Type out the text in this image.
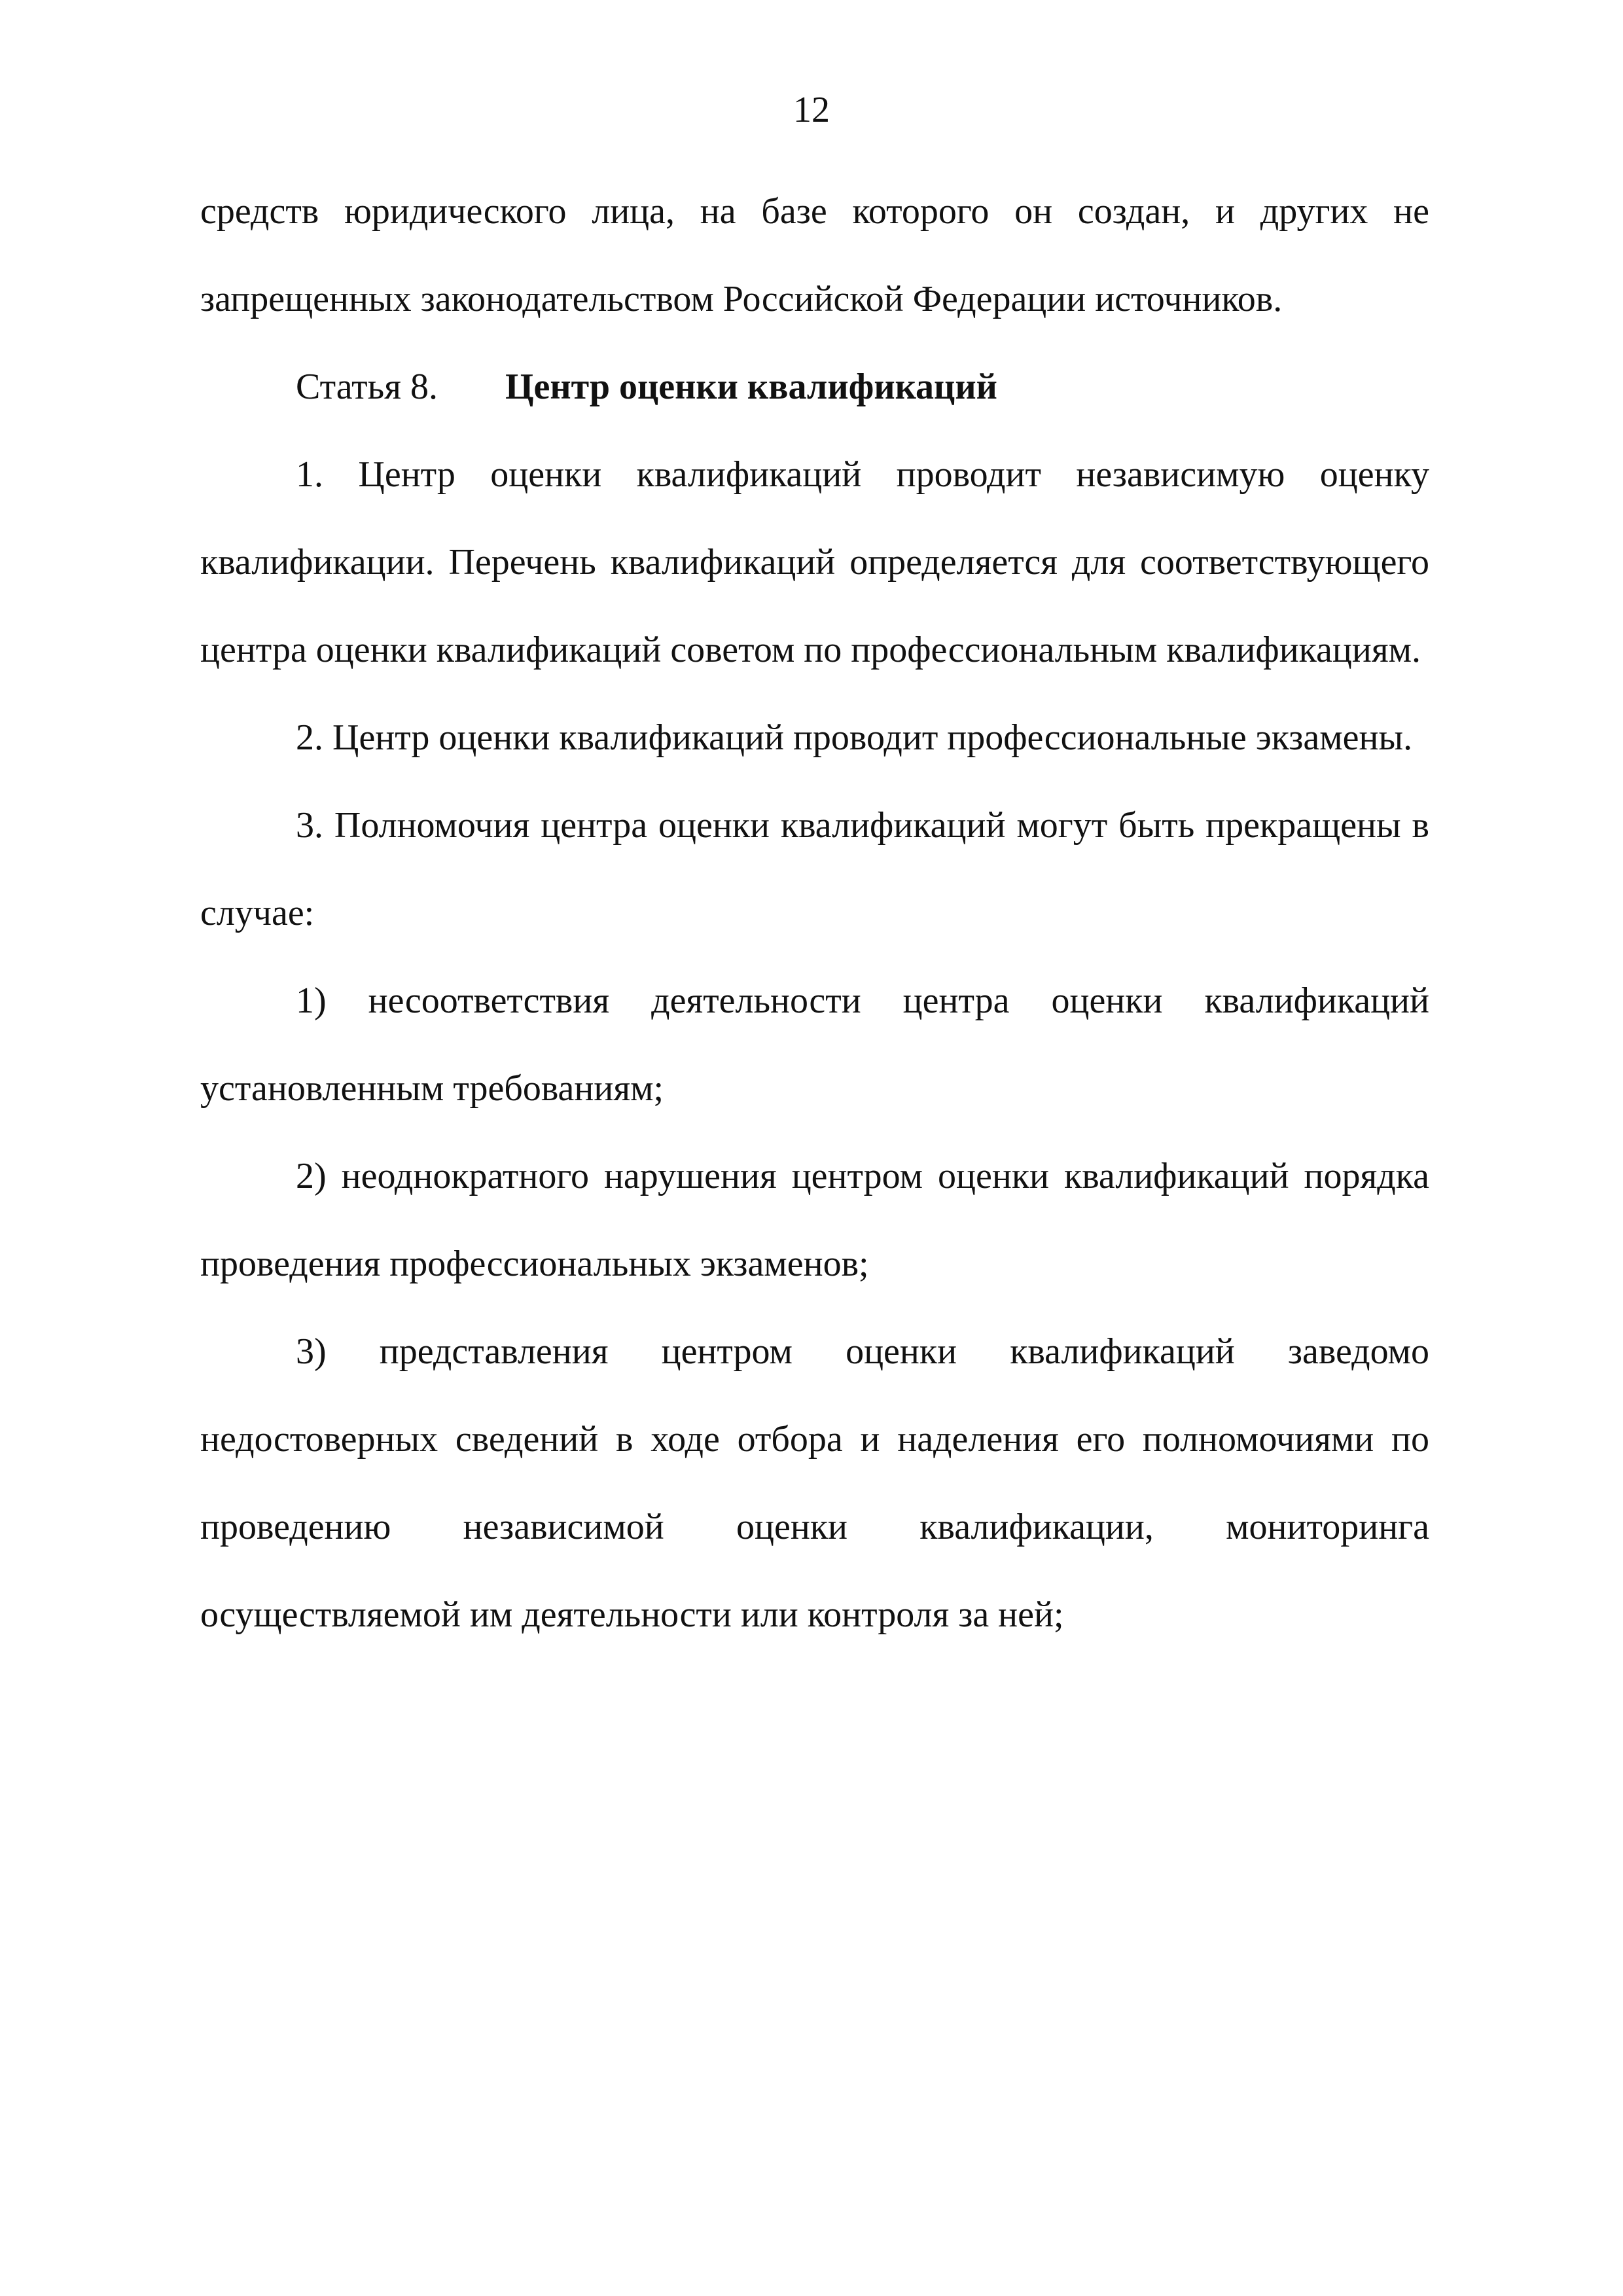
12

средств юридического лица, на базе которого он создан, и других не запрещенных законодательством Российской Федерации источников.

Статья 8. Центр оценки квалификаций

1. Центр оценки квалификаций проводит независимую оценку квалификации. Перечень квалификаций определяется для соответствующего центра оценки квалификаций советом по профессиональным квалификациям.

2. Центр оценки квалификаций проводит профессиональные экзамены.

3. Полномочия центра оценки квалификаций могут быть прекращены в случае:

1) несоответствия деятельности центра оценки квалификаций установленным требованиям;

2) неоднократного нарушения центром оценки квалификаций порядка проведения профессиональных экзаменов;

3) представления центром оценки квалификаций заведомо недостоверных сведений в ходе отбора и наделения его полномочиями по проведению независимой оценки квалификации, мониторинга осуществляемой им деятельности или контроля за ней;
